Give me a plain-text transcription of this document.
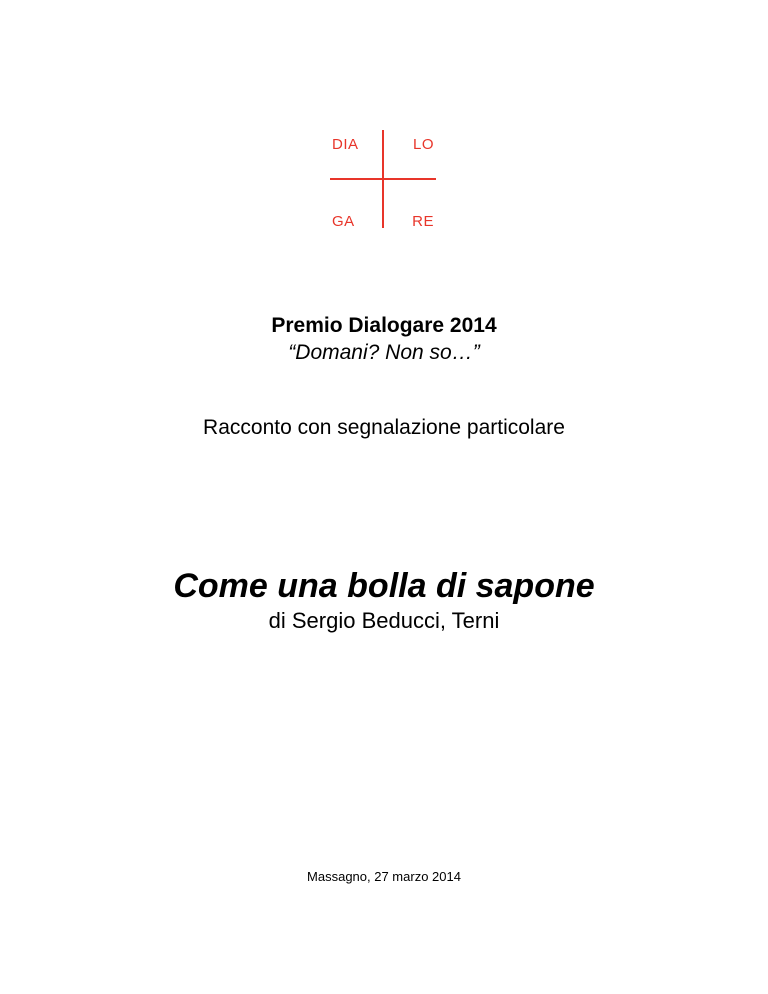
DIA	LO
GA	RE
Premio Dialogare 2014
“Domani? Non so…”
Racconto con segnalazione particolare
Come una bolla di sapone
di Sergio Beducci, Terni
Massagno, 27 marzo 2014
